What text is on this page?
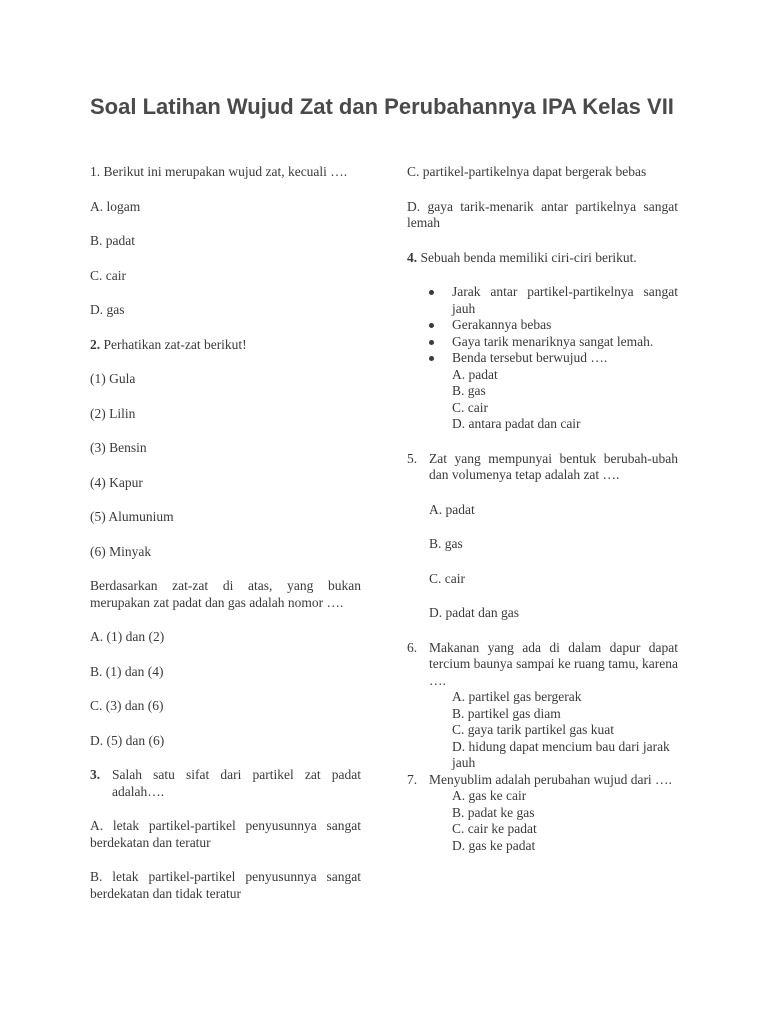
Soal Latihan Wujud Zat dan Perubahannya IPA Kelas VII

1. Berikut ini merupakan wujud zat, kecuali ….

A. logam

B. padat

C. cair

D. gas

2. Perhatikan zat-zat berikut!

(1) Gula

(2) Lilin

(3) Bensin

(4) Kapur

(5) Alumunium

(6) Minyak

Berdasarkan zat-zat di atas, yang bukan merupakan zat padat dan gas adalah nomor ….

A. (1) dan (2)

B. (1) dan (4)

C. (3) dan (6)

D. (5) dan (6)

3. Salah satu sifat dari partikel zat padat adalah….

A. letak partikel-partikel penyusunnya sangat berdekatan dan teratur

B. letak partikel-partikel penyusunnya sangat berdekatan dan tidak teratur

C. partikel-partikelnya dapat bergerak bebas

D. gaya tarik-menarik antar partikelnya sangat lemah

4. Sebuah benda memiliki ciri-ciri berikut.

Jarak antar partikel-partikelnya sangat jauh
Gerakannya bebas
Gaya tarik menariknya sangat lemah.
Benda tersebut berwujud ….
A. padat
B. gas
C. cair
D. antara padat dan cair
5. Zat yang mempunyai bentuk berubah-ubah dan volumenya tetap adalah zat ….

A. padat

B. gas

C. cair

D. padat dan gas

6. Makanan yang ada di dalam dapur dapat tercium baunya sampai ke ruang tamu, karena ….
A. partikel gas bergerak
B. partikel gas diam
C. gaya tarik partikel gas kuat
D. hidung dapat mencium bau dari jarak jauh
7. Menyublim adalah perubahan wujud dari ….
A. gas ke cair
B. padat ke gas
C. cair ke padat
D. gas ke padat
